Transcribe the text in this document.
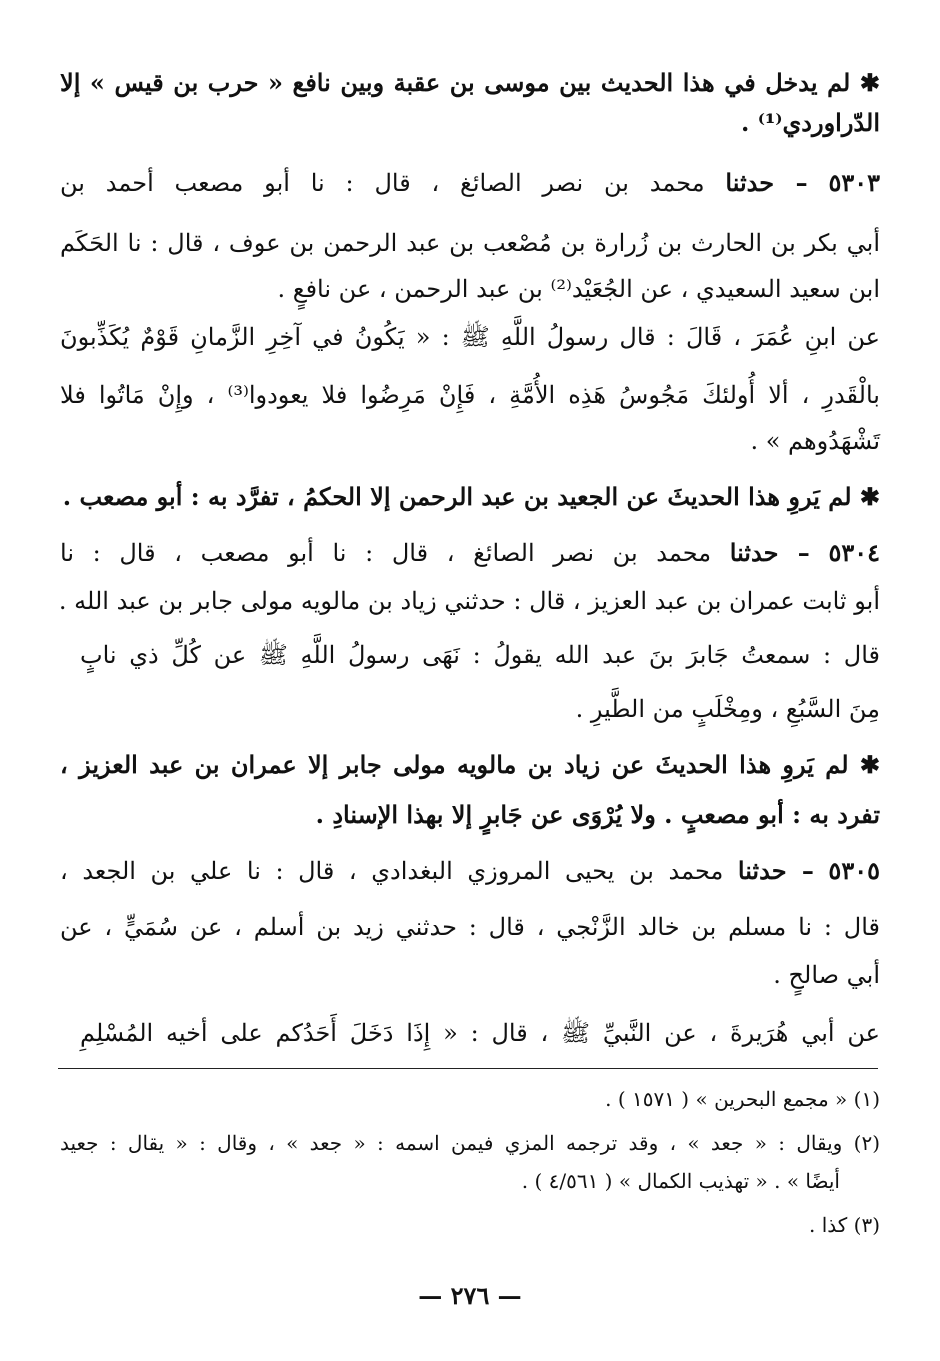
✱ لم يدخل في هذا الحديث بين موسى بن عقبة وبين نافع « حرب بن قيس » إلا
الدّراوردي⁽¹⁾ .
٥٣٠٣ – حدثنا محمد بن نصر الصائغ ، قال : نا أبو مصعب أحمد بن
أبي بكر بن الحارث بن زُرارة بن مُصْعب بن عبد الرحمن بن عوف ، قال : نا الحَكَم
ابن سعيد السعيدي ، عن الجُعَيْد⁽²⁾ بن عبد الرحمن ، عن نافعٍ .
عن ابنِ عُمَرَ ، قَالَ : قال رسولُ اللَّهِ ﷺ : « يَكُونُ في آخِرِ الزَّمانِ قَوْمٌ يُكَذِّبونَ
بالْقَدرِ ، ألا أُولئكَ مَجُوسُ هَذِه الأُمَّةِ ، فَإِنْ مَرِضُوا فلا يعودوا⁽³⁾ ، وإِنْ مَاتُوا فلا
تَشْهَدُوهم » .
✱ لم يَروِ هذا الحديثَ عن الجعيد بن عبد الرحمن إلا الحكمُ ، تفرَّد به : أبو مصعب .
٥٣٠٤ – حدثنا محمد بن نصر الصائغ ، قال : نا أبو مصعب ، قال : نا
أبو ثابت عمران بن عبد العزيز ، قال : حدثني زياد بن مالويه مولى جابر بن عبد الله .
قال : سمعتُ جَابرَ بنَ عبد الله يقولُ : نَهَى رسولُ اللَّهِ ﷺ عن كُلِّ ذي نابٍ
مِنَ السَّبُعِ ، ومِخْلَبٍ من الطَّيرِ .
✱ لم يَروِ هذا الحديثَ عن زياد بن مالويه مولى جابر إلا عمران بن عبد العزيز ،
تفرد به : أبو مصعبٍ . ولا يُرْوَى عن جَابرٍ إلا بهذا الإسنادِ .
٥٣٠٥ – حدثنا محمد بن يحيى المروزي البغدادي ، قال : نا علي بن الجعد ،
قال : نا مسلم بن خالد الزَّنْجي ، قال : حدثني زيد بن أسلم ، عن سُمَيٍّ ، عن
أبي صالحٍ .
عن أبي هُرَيرةَ ، عن النَّبيِّ ﷺ ، قال : « إِذَا دَخَلَ أَحَدُكم على أخيه المُسْلِمِ
(١) « مجمع البحرين » ( ١٥٧١ ) .
(٢) ويقال : « جعد » ، وقد ترجمه المزي فيمن اسمه : « جعد » ، وقال : « يقال : جعيد
أيضًا » . « تهذيب الكمال » ( ٤/٥٦١ ) .
(٣) كذا .
— ٢٧٦ —
